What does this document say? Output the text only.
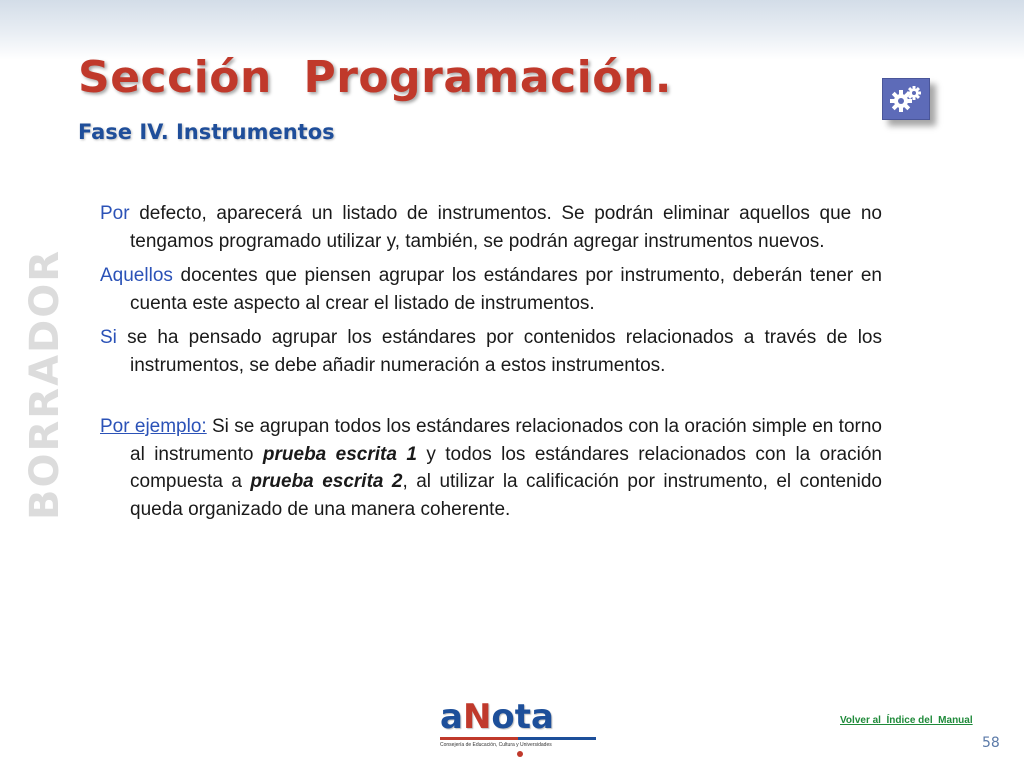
Sección  Programación.
Fase IV. Instrumentos
BORRADOR

Por defecto, aparecerá un listado de instrumentos. Se podrán eliminar aquellos que no tengamos programado utilizar y, también, se podrán agregar instrumentos nuevos.

Aquellos docentes que piensen agrupar los estándares por instrumento, deberán tener en cuenta este aspecto al crear el listado de instrumentos.

Si se ha pensado agrupar los estándares por contenidos relacionados a través de los instrumentos, se debe añadir numeración a estos instrumentos.

Por ejemplo: Si se agrupan todos los estándares relacionados con la oración simple en torno al instrumento prueba escrita 1 y todos los estándares relacionados con la oración compuesta a prueba escrita 2, al utilizar la calificación por instrumento, el contenido queda organizado de una manera coherente.

aNota
Consejería de Educación, Cultura y Universidades
Volver al  Índice del  Manual
58
